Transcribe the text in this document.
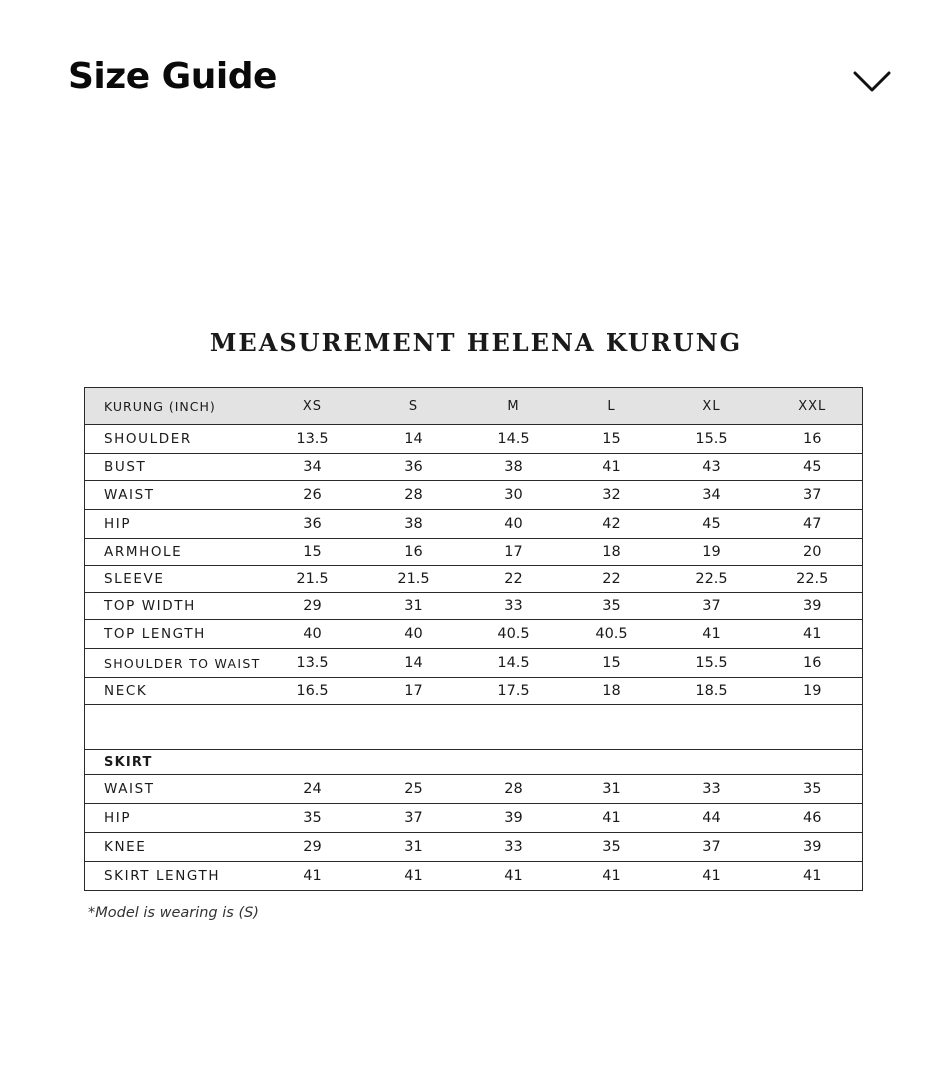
Size Guide
MEASUREMENT HELENA KURUNG
KURUNG (INCH)	XS	S	M	L	XL	XXL
SHOULDER	13.5	14	14.5	15	15.5	16
BUST	34	36	38	41	43	45
WAIST	26	28	30	32	34	37
HIP	36	38	40	42	45	47
ARMHOLE	15	16	17	18	19	20
SLEEVE	21.5	21.5	22	22	22.5	22.5
TOP WIDTH	29	31	33	35	37	39
TOP LENGTH	40	40	40.5	40.5	41	41
SHOULDER TO WAIST	13.5	14	14.5	15	15.5	16
NECK	16.5	17	17.5	18	18.5	19

SKIRT						
WAIST	24	25	28	31	33	35
HIP	35	37	39	41	44	46
KNEE	29	31	33	35	37	39
SKIRT LENGTH	41	41	41	41	41	41
*Model is wearing is (S)
